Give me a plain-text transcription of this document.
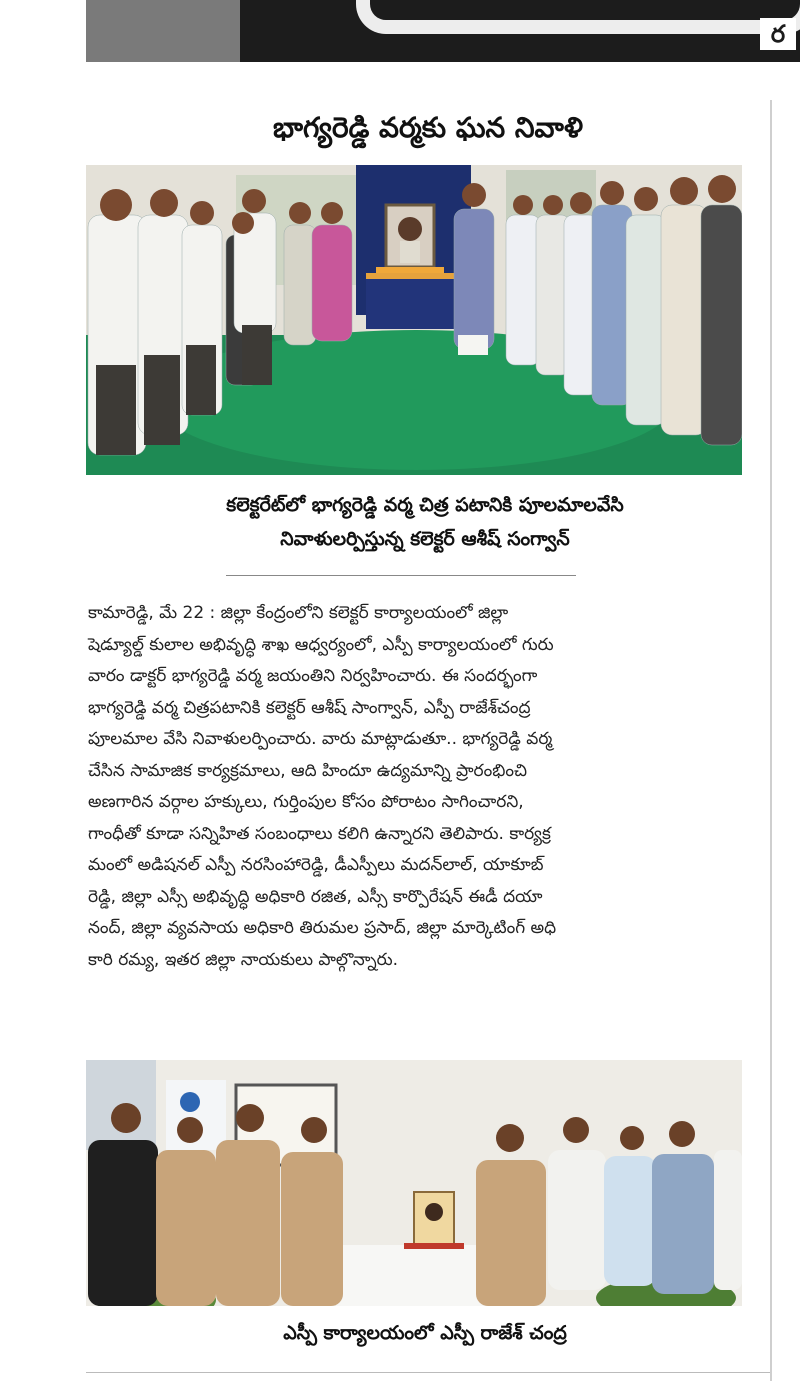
ర
భాగ్యరెడ్డి వర్మకు ఘన నివాళి
కలెక్టరేట్‌లో భాగ్యరెడ్డి వర్మ చిత్ర పటానికి పూలమాలవేసి
నివాళులర్పిస్తున్న కలెక్టర్ ఆశీష్ సంగ్వాన్

కామారెడ్డి, మే 22 : జిల్లా కేంద్రంలోని కలెక్టర్ కార్యాలయంలో జిల్లా

షెడ్యూల్డ్ కులాల అభివృద్ధి శాఖ ఆధ్వర్యంలో, ఎస్పీ కార్యాలయంలో గురు

వారం డాక్టర్ భాగ్యరెడ్డి వర్మ జయంతిని నిర్వహించారు. ఈ సందర్భంగా

భాగ్యరెడ్డి వర్మ చిత్రపటానికి కలెక్టర్ ఆశీష్ సాంగ్వాన్, ఎస్పీ రాజేశ్‌చంద్ర

పూలమాల వేసి నివాళులర్పించారు. వారు మాట్లాడుతూ.. భాగ్యరెడ్డి వర్మ

చేసిన సామాజిక కార్యక్రమాలు, ఆది హిందూ ఉద్యమాన్ని ప్రారంభించి

అణగారిన వర్గాల హక్కులు, గుర్తింపుల కోసం పోరాటం సాగించారని,

గాంధీతో కూడా సన్నిహిత సంబంధాలు కలిగి ఉన్నారని తెలిపారు. కార్యక్ర

మంలో అడిషనల్ ఎస్పీ నరసింహారెడ్డి, డీఎస్పీలు మదన్‌లాల్, యాకూబ్

రెడ్డి, జిల్లా ఎస్సీ అభివృద్ధి అధికారి రజిత, ఎస్సీ కార్పొరేషన్ ఈడీ దయా

నంద్, జిల్లా వ్యవసాయ అధికారి తిరుమల ప్రసాద్, జిల్లా మార్కెటింగ్ అధి

కారి రమ్య, ఇతర జిల్లా నాయకులు పాల్గొన్నారు.

ఎస్పీ కార్యాలయంలో ఎస్పీ రాజేశ్ చంద్ర
